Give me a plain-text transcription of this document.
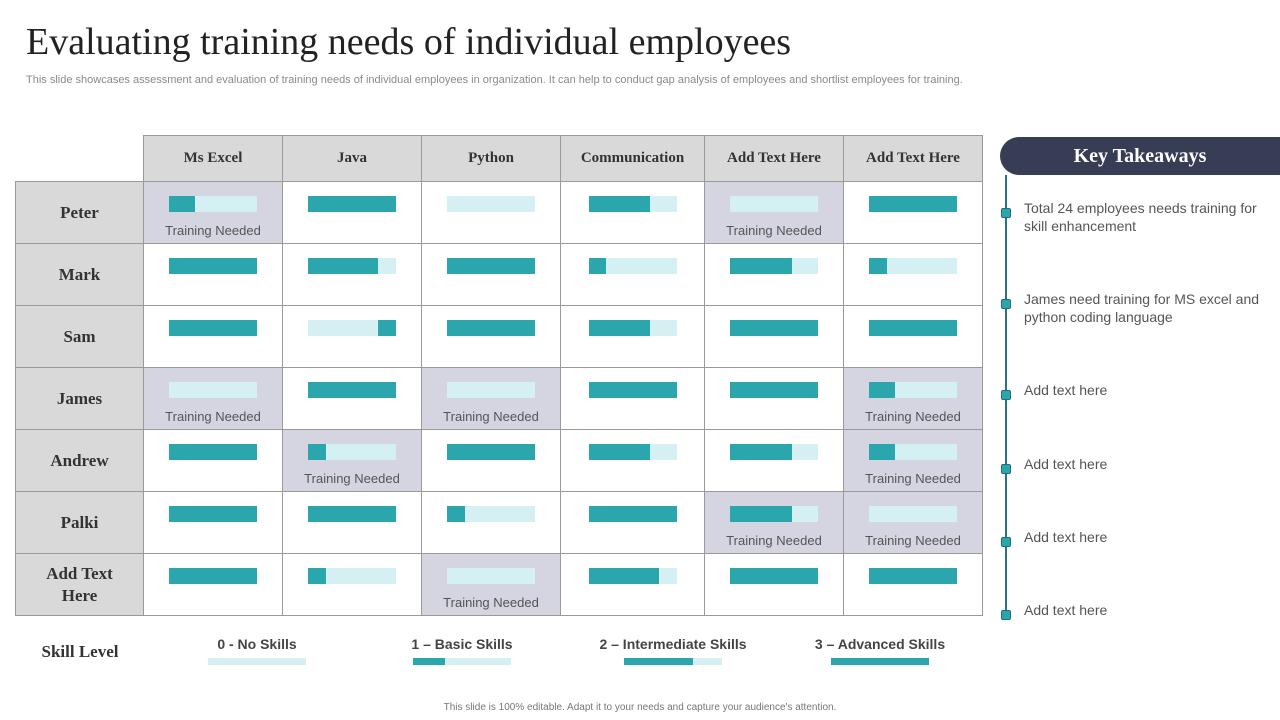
Evaluating training needs of individual employees

This slide showcases assessment and evaluation of training needs of individual employees in organization. It can help to conduct gap analysis of employees and shortlist employees for training.

	Ms Excel	Java	Python	Communication	Add Text Here	Add Text Here
Peter	Training Needed				Training Needed	

Mark	

Sam	

James	Training Needed		Training Needed			Training Needed

Andrew		Training Needed				Training Needed

Palki					Training Needed	Training Needed

Add Text Here			Training Needed			

Skill Level	0 - No Skills	1 – Basic Skills	2 – Intermediate Skills	3 – Advanced Skills
Key Takeaways
Total 24 employees needs training for skill enhancement
James need training for MS excel and python coding language
Add text here
Add text here
Add text here
Add text here
This slide is 100% editable. Adapt it to your needs and capture your audience's attention.
